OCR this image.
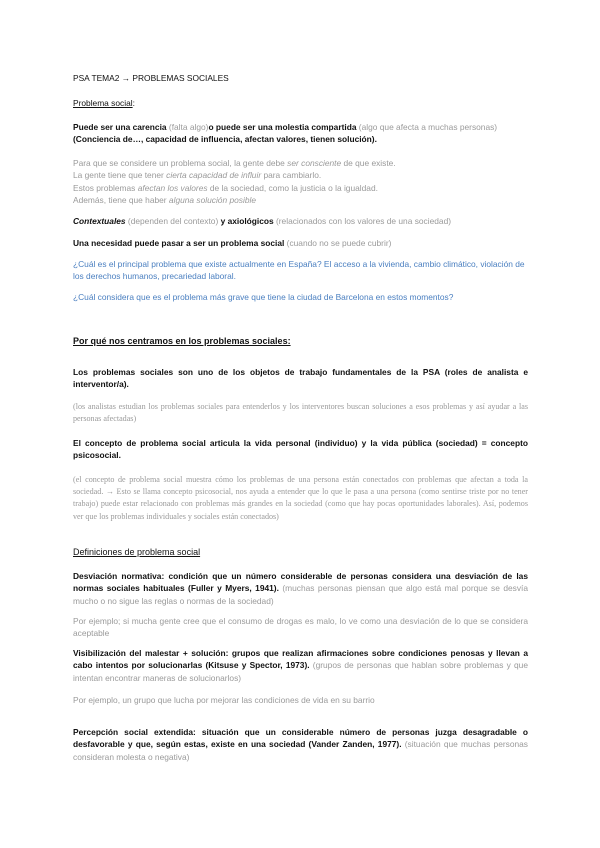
PSA TEMA2 → PROBLEMAS SOCIALES

Problema social:

Puede ser una carencia (falta algo)o puede ser una molestia compartida (algo que afecta a muchas personas)
(Conciencia de…, capacidad de influencia, afectan valores, tienen solución).

Para que se considere un problema social, la gente debe ser consciente de que existe.
La gente tiene que tener cierta capacidad de influir para cambiarlo.
Estos problemas afectan los valores de la sociedad, como la justicia o la igualdad.
Además, tiene que haber alguna solución posible

Contextuales (dependen del contexto) y axiológicos (relacionados con los valores de una sociedad)

Una necesidad puede pasar a ser un problema social (cuando no se puede cubrir)

¿Cuál es el principal problema que existe actualmente en España? El acceso a la vivienda, cambio climático, violación de los derechos humanos, precariedad laboral.

¿Cuál considera que es el problema más grave que tiene la ciudad de Barcelona en estos momentos?

Por qué nos centramos en los problemas sociales:

Los problemas sociales son uno de los objetos de trabajo fundamentales de la PSA (roles de analista e interventor/a).

(los analistas estudian los problemas sociales para entenderlos y los interventores buscan soluciones a esos problemas y así ayudar a las personas afectadas)

El concepto de problema social articula la vida personal (individuo) y la vida pública (sociedad) = concepto psicosocial.

(el concepto de problema social muestra cómo los problemas de una persona están conectados con problemas que afectan a toda la sociedad. → Esto se llama concepto psicosocial, nos ayuda a entender que lo que le pasa a una persona (como sentirse triste por no tener trabajo) puede estar relacionado con problemas más grandes en la sociedad (como que hay pocas oportunidades laborales). Así, podemos ver que los problemas individuales y sociales están conectados)

Definiciones de problema social

Desviación normativa: condición que un número considerable de personas considera una desviación de las normas sociales habituales (Fuller y Myers, 1941). (muchas personas piensan que algo está mal porque se desvía mucho o no sigue las reglas o normas de la sociedad)

Por ejemplo; si mucha gente cree que el consumo de drogas es malo, lo ve como una desviación de lo que se considera aceptable

Visibilización del malestar + solución: grupos que realizan afirmaciones sobre condiciones penosas y llevan a cabo intentos por solucionarlas (Kitsuse y Spector, 1973). (grupos de personas que hablan sobre problemas y que intentan encontrar maneras de solucionarlos)

Por ejemplo, un grupo que lucha por mejorar las condiciones de vida en su barrio

Percepción social extendida: situación que un considerable número de personas juzga desagradable o desfavorable y que, según estas, existe en una sociedad (Vander Zanden, 1977). (situación que muchas personas consideran molesta o negativa)
